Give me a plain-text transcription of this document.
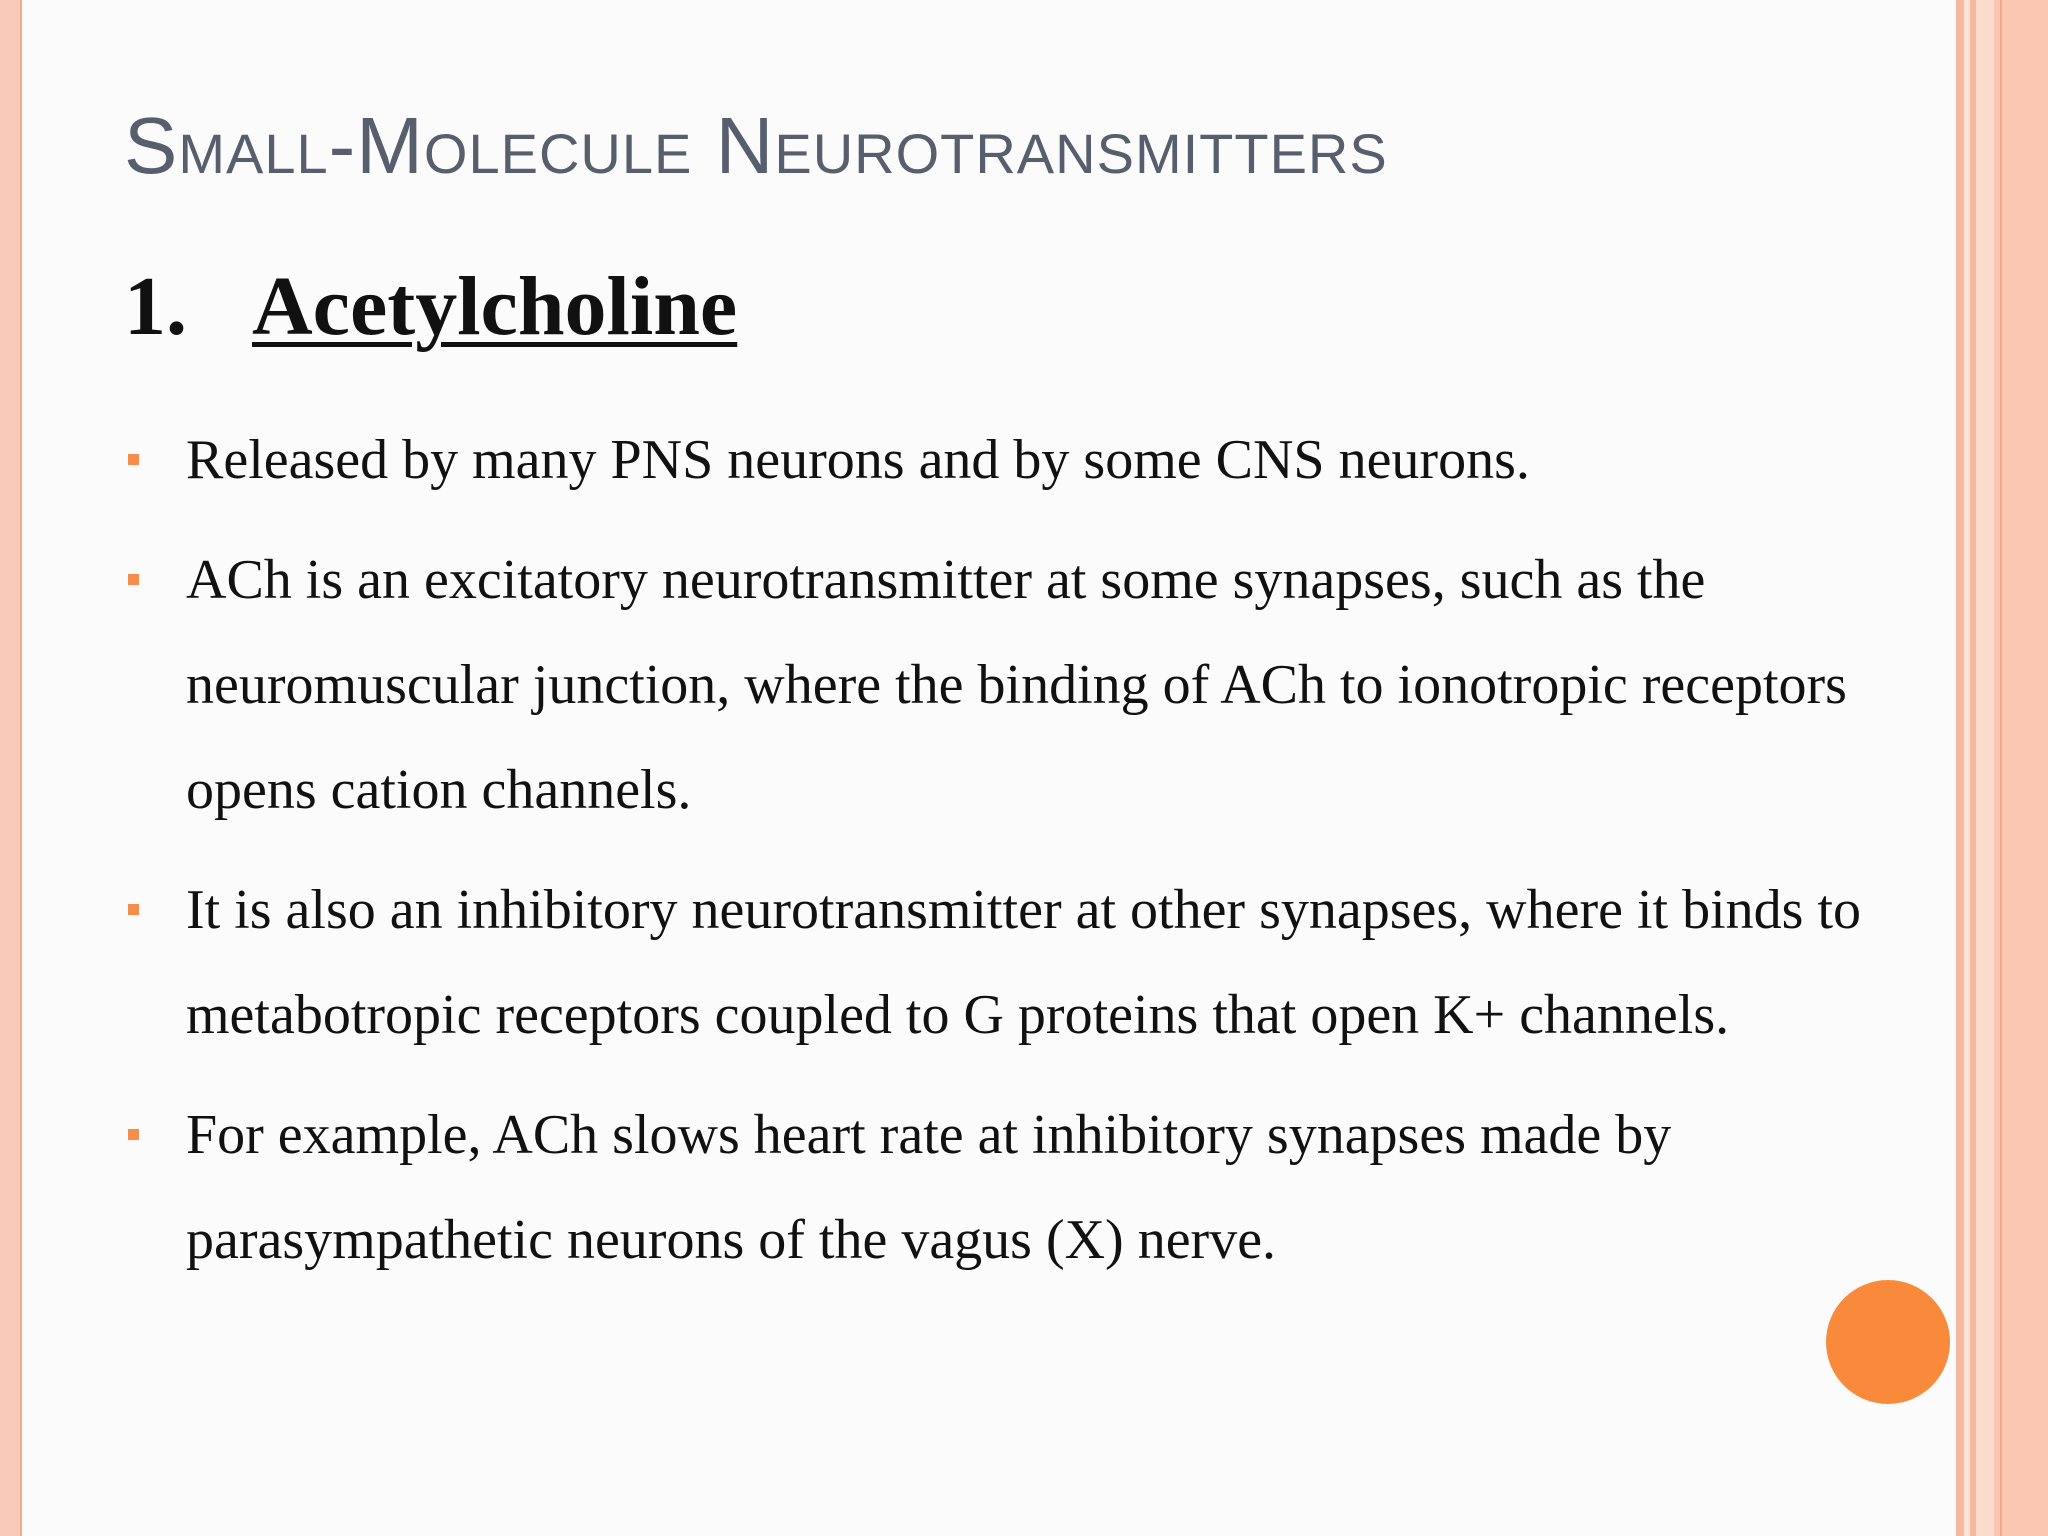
Small-Molecule Neurotransmitters
1. Acetylcholine
Released by many PNS neurons and by some CNS neurons.
ACh is an excitatory neurotransmitter at some synapses, such as the neuromuscular junction, where the binding of ACh to ionotropic receptors opens cation channels.
It is also an inhibitory neurotransmitter at other synapses, where it binds to metabotropic receptors coupled to G proteins that open K+ channels.
For example, ACh slows heart rate at inhibitory synapses made by parasympathetic neurons of the vagus (X) nerve.
